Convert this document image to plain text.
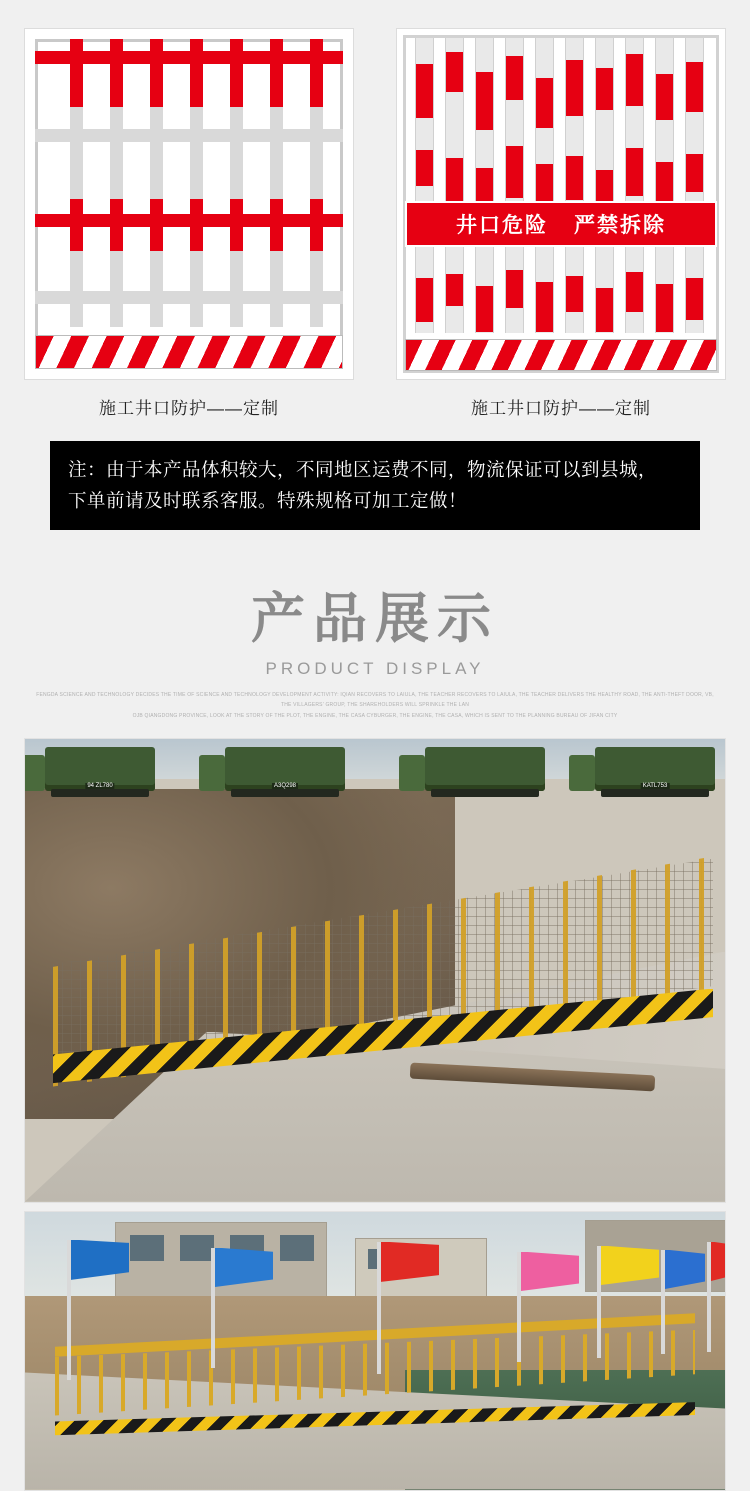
施工井口防护——定制
井口危险 严禁拆除
施工井口防护——定制
注：由于本产品体积较大，不同地区运费不同，物流保证可以到县城，
下单前请及时联系客服。特殊规格可加工定做！
产品展示
PRODUCT DISPLAY
FENGDA SCIENCE AND TECHNOLOGY DECIDES THE TIME OF SCIENCE AND TECHNOLOGY DEVELOPMENT ACTIVITY: IQIAN RECOVERS TO LAIULA, THE TEACHER RECOVERS TO LAIULA, THE TEACHER DELIVERS THE HEALTHY ROAD, THE ANTI-THEFT DOOR, VB, THE VILLAGERS' GROUP, THE SHAREHOLDERS WILL SPRINKLE THE LAN
OJB QIANGDONG PROVINCE, LOOK AT THE STORY OF THE PLOT, THE ENGINE, THE CASA CYBURGER, THE ENGINE, THE CASA, WHICH IS SENT TO THE PLANNING BUREAU OF JIFAN CITY
94 ZL780	A3Q298	KATL753
